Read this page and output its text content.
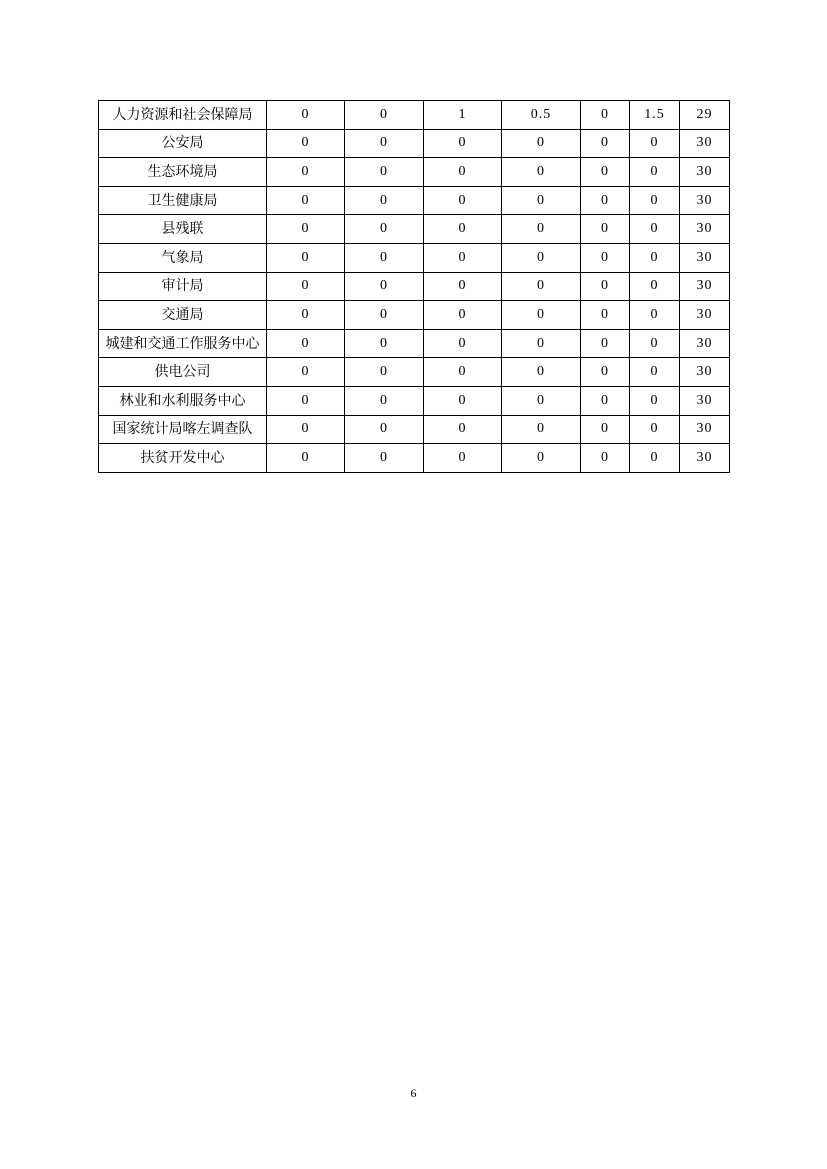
人力资源和社会保障局	0	0	1	0.5	0	1.5	29
公安局	0	0	0	0	0	0	30
生态环境局	0	0	0	0	0	0	30
卫生健康局	0	0	0	0	0	0	30
县残联	0	0	0	0	0	0	30
气象局	0	0	0	0	0	0	30
审计局	0	0	0	0	0	0	30
交通局	0	0	0	0	0	0	30
城建和交通工作服务中心	0	0	0	0	0	0	30
供电公司	0	0	0	0	0	0	30
林业和水利服务中心	0	0	0	0	0	0	30
国家统计局喀左调查队	0	0	0	0	0	0	30
扶贫开发中心	0	0	0	0	0	0	30
6
